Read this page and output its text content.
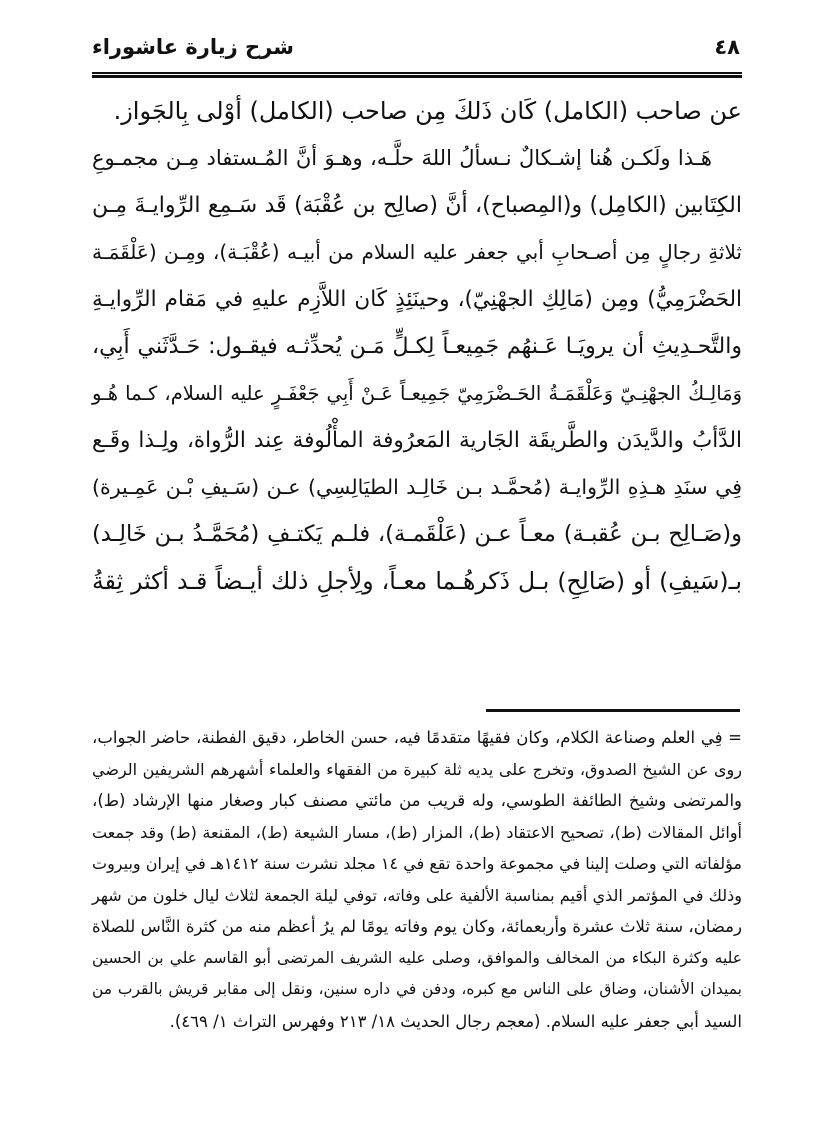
شرح زيارة عاشوراء	٤٨
عن صاحب (الكامل) كَان ذَلكَ مِن صاحب (الكامل) أوْلى بِالجَواز.
هَـذا ولَكـن هُنا إشـكالٌ نـسألُ اللهَ حلَّـه، وهـوَ أنَّ المُـستفاد مِـن مجمـوعِ
الكِتَابين (الكامِل) و(المِصباح)، أنَّ (صالِح بن عُقْبَة) قَد سَـمِع الرِّوايـةَ مِـن
ثلاثةِ رجالٍ مِن أصـحابِ أبي جعفر عليه السلام من أبيـه (عُقْبَـة)، ومِـن (عَلْقَمَـة
الحَضْرَمِيُّ) ومِن (مَالِكِ الجهْنِيّ)، وحينَئِذٍ كَان اللاَّزِم عليهِ في مَقام الرِّوايـةِ
والتَّحـدِيثِ أن يرويَـا عَـنهُم جَمِيعـاً لِكـلٍّ مَـن يُحدِّثـه فيقـول: حَـدَّثَني أَبِي،
وَمَالِـكُ الجهْنِـيّ وَعَلْقَمَـةُ الحَـضْرَمِيّ جَمِيعـاً عَـنْ أَبِي جَعْفَـرٍ عليه السلام، كـما هُـو
الدَّأبُ والدَّيدَن والطَّريقَة الجَارية المَعرُوفة المأْلُوفة عِند الرُّواة، ولِـذا وقَـع
فِي سنَدِ هـذِهِ الرِّوايـة (مُحمَّـد بـن خَالِـد الطيَالِسِي) عـن (سَـيفِ بْـن عَمِـيرة)
و(صَـالِح بـن عُقبـة) معـاً عـن (عَلْقَمـة)، فلـم يَكتـفِ (مُحَمَّـدُ بـن خَالِـد)
بـ(سَيفِ) أو (صَالِحِ) بـل ذَكرهُـما معـاً، ولِأجلِ ذلك أيـضاً قـد أكثر ثِقةُ
= فِي العلم وصناعة الكلام، وكان فقيهًا متقدمًا فيه، حسن الخاطر، دقيق الفطنة، حاضر الجواب،
روى عن الشيخ الصدوق، وتخرج على يديه ثلة كبيرة من الفقهاء والعلماء أشهرهم الشريفين الرضي
والمرتضى وشيخ الطائفة الطوسي، وله قريب من مائتي مصنف كبار وصغار منها الإرشاد (ط)،
أوائل المقالات (ط)، تصحيح الاعتقاد (ط)، المزار (ط)، مسار الشيعة (ط)، المقنعة (ط) وقد جمعت
مؤلفاته التي وصلت إلينا في مجموعة واحدة تقع في ١٤ مجلد نشرت سنة ١٤١٢هـ في إيران وبيروت
وذلك في المؤتمر الذي أقيم بمناسبة الألفية على وفاته، توفي ليلة الجمعة لثلاث ليال خلون من شهر
رمضان، سنة ثلاث عشرة وأربعمائة، وكان يوم وفاته يومًا لم يرُ أعظم منه من كثرة النَّاس للصلاة
عليه وكثرة البكاء من المخالف والموافق، وصلى عليه الشريف المرتضى أبو القاسم علي بن الحسين
بميدان الأشنان، وضاق على الناس مع كبره، ودفن في داره سنين، ونقل إلى مقابر قريش بالقرب من
السيد أبي جعفر عليه السلام. (معجم رجال الحديث ١٨/ ٢١٣ وفهرس التراث ١/ ٤٦٩).
